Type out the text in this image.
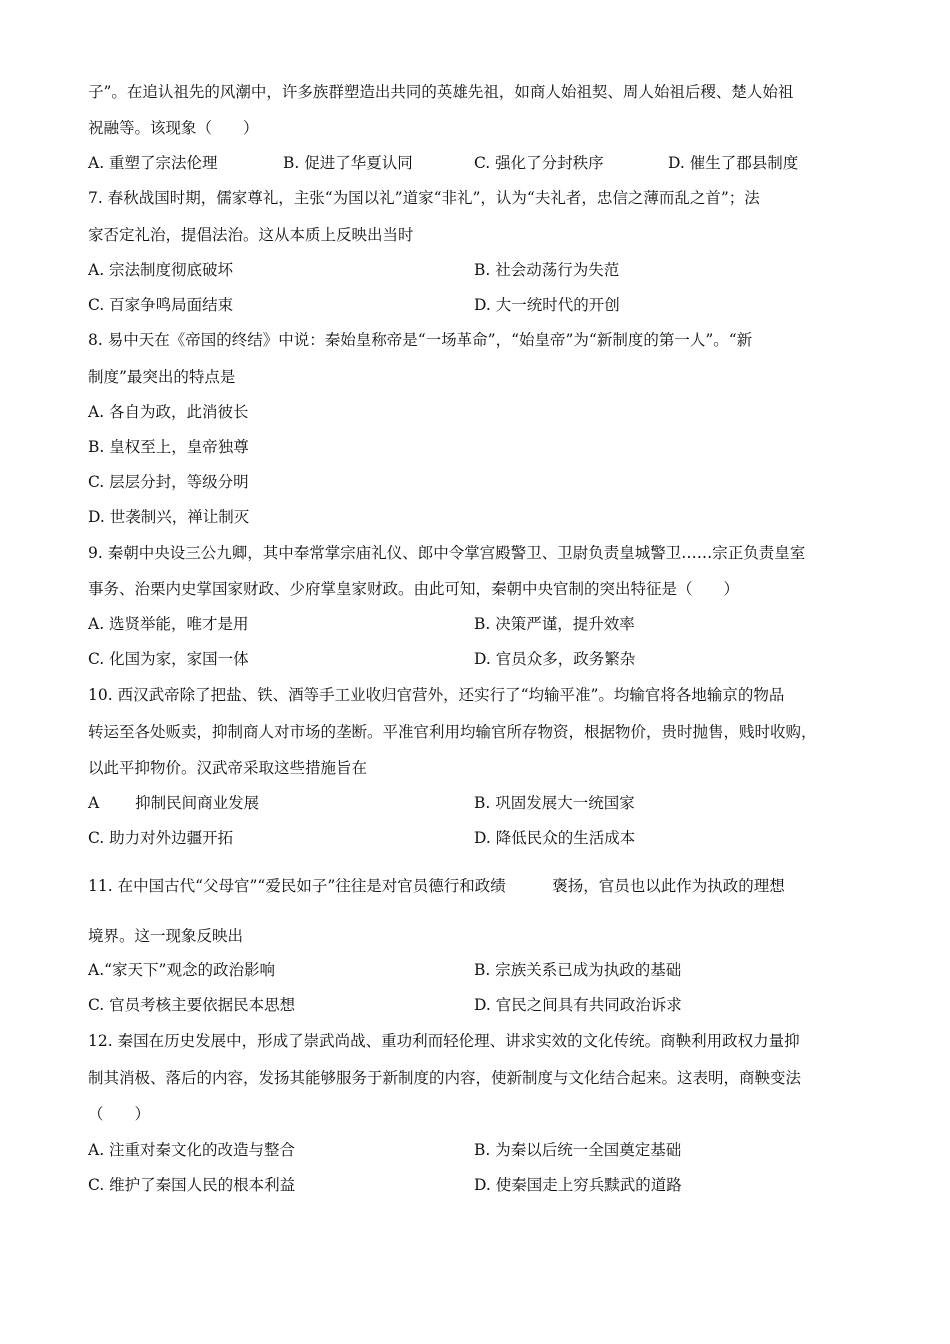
子”。在追认祖先的风潮中，许多族群塑造出共同的英雄先祖，如商人始祖契、周人始祖后稷、楚人始祖
祝融等。该现象（　　）
A. 重塑了宗法伦理	B. 促进了华夏认同	C. 强化了分封秩序	D. 催生了郡县制度
7. 春秋战国时期，儒家尊礼，主张“为国以礼”道家“非礼”，认为“夫礼者，忠信之薄而乱之首”；法
家否定礼治，提倡法治。这从本质上反映出当时
A. 宗法制度彻底破坏	B. 社会动荡行为失范
C. 百家争鸣局面结束	D. 大一统时代的开创
8. 易中天在《帝国的终结》中说：秦始皇称帝是“一场革命”，“始皇帝”为“新制度的第一人”。“新
制度”最突出的特点是
A. 各自为政，此消彼长
B. 皇权至上，皇帝独尊
C. 层层分封，等级分明
D. 世袭制兴，禅让制灭
9. 秦朝中央设三公九卿，其中奉常掌宗庙礼仪、郎中令掌宫殿警卫、卫尉负责皇城警卫……宗正负责皇室
事务、治栗内史掌国家财政、少府掌皇家财政。由此可知，秦朝中央官制的突出特征是（　　）
A. 选贤举能，唯才是用	B. 决策严谨，提升效率
C. 化国为家，家国一体	D. 官员众多，政务繁杂
10. 西汉武帝除了把盐、铁、酒等手工业收归官营外，还实行了“均输平准”。均输官将各地输京的物品
转运至各处贩卖，抑制商人对市场的垄断。平准官利用均输官所存物资，根据物价，贵时抛售，贱时收购，
以此平抑物价。汉武帝采取这些措施旨在
A　　 抑制民间商业发展	B. 巩固发展大一统国家
C. 助力对外边疆开拓	D. 降低民众的生活成本
11. 在中国古代“父母官”“爱民如子”往往是对官员德行和政绩　　　褒扬，官员也以此作为执政的理想
境界。这一现象反映出
A.“家天下”观念的政治影响	B. 宗族关系已成为执政的基础
C. 官员考核主要依据民本思想	D. 官民之间具有共同政治诉求
12. 秦国在历史发展中，形成了崇武尚战、重功利而轻伦理、讲求实效的文化传统。商鞅利用政权力量抑
制其消极、落后的内容，发扬其能够服务于新制度的内容，使新制度与文化结合起来。这表明，商鞅变法
（　　）
A. 注重对秦文化的改造与整合	B. 为秦以后统一全国奠定基础
C. 维护了秦国人民的根本利益	D. 使秦国走上穷兵黩武的道路
